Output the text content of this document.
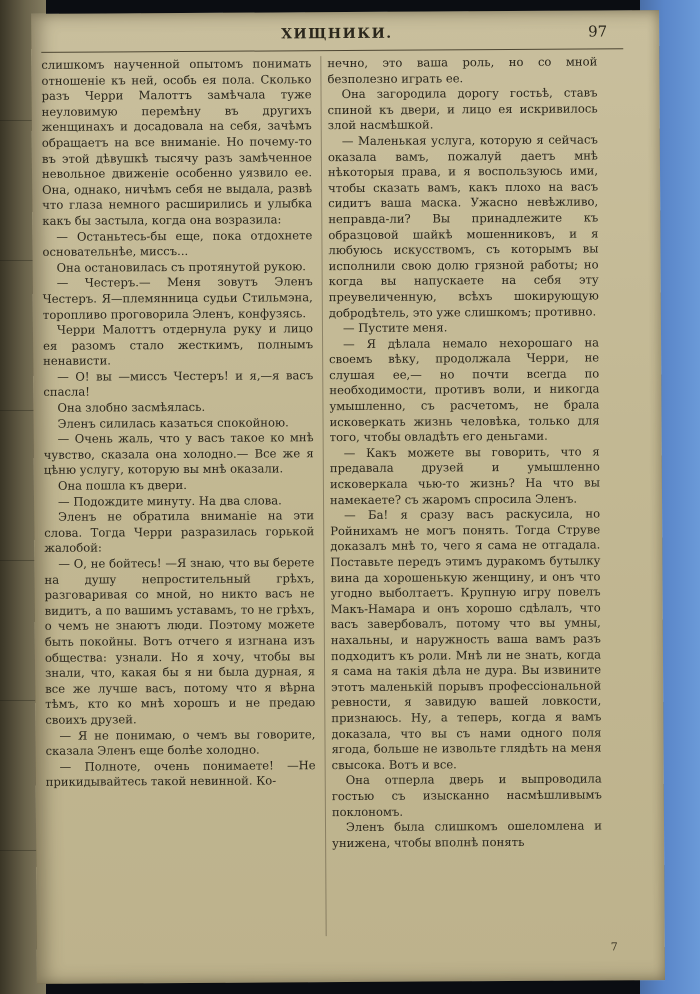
ХИЩНИКИ.	97

слишкомъ наученной опытомъ понимать отношеніе къ ней, особь ея пола. Сколько разъ Черри Малоттъ замѣчала туже неуловимую перемѣну въ другихъ женщинахъ и досадовала на себя, зачѣмъ обращаетъ на все вниманіе. Но почему-то въ этой дѣвушкѣ тысячу разъ замѣченное невольное движеніе особенно уязвило ее. Она, однако, ничѣмъ себя не выдала, развѣ что глаза немного расширились и улыбка какъ бы застыла, когда она возразила:

— Останьтесь-бы еще, пока отдохнете основательнѣе, миссъ...

Она остановилась съ протянутой рукою.

— Честеръ.— Меня зовутъ Эленъ Честеръ. Я—племянница судьи Стильмэна, торопливо проговорила Эленъ, конфузясь.

Черри Малоттъ отдернула руку и лицо ея разомъ стало жесткимъ, полнымъ ненависти.

— О! вы —миссъ Честеръ! и я,—я васъ спасла!

Она злобно засмѣялась.

Эленъ силилась казаться спокойною.

— Очень жаль, что у васъ такое ко мнѣ чувство, сказала она холодно.— Все же я цѣню услугу, которую вы мнѣ оказали.

Она пошла къ двери.

— Подождите минуту. На два слова.

Эленъ не обратила вниманіе на эти слова. Тогда Черри разразилась горькой жалобой:

— О, не бойтесь! —Я знаю, что вы берете на душу непростительный грѣхъ, разговаривая со мной, но никто васъ не видитъ, а по вашимъ уставамъ, то не грѣхъ, о чемъ не знаютъ люди. Поэтому можете быть покойны. Вотъ отчего я изгнана изъ общества: узнали. Но я хочу, чтобы вы знали, что, какая бы я ни была дурная, я все же лучше васъ, потому что я вѣрна тѣмъ, кто ко мнѣ хорошъ и не предаю своихъ друзей.

— Я не понимаю, о чемъ вы говорите, сказала Эленъ еще болѣе холодно.

— Полноте, очень понимаете! —Не прикидывайтесь такой невинной. Ко-

нечно, это ваша роль, но со мной безполезно играть ее.

Она загородила дорогу гостьѣ, ставъ спиной къ двери, и лицо ея искривилось злой насмѣшкой.

— Маленькая услуга, которую я сейчасъ оказала вамъ, пожалуй даетъ мнѣ нѣкоторыя права, и я воспользуюсь ими, чтобы сказать вамъ, какъ плохо на васъ сидитъ ваша маска. Ужасно невѣжливо, неправда-ли? Вы принадлежите къ образцовой шайкѣ мошенниковъ, и я любуюсь искусствомъ, съ которымъ вы исполнили свою долю грязной работы; но когда вы напускаете на себя эту преувеличенную, всѣхъ шокирующую добродѣтель, это уже слишкомъ; противно.

— Пустите меня.

— Я дѣлала немало нехорошаго на своемъ вѣку, продолжала Черри, не слушая ее,— но почти всегда по необходимости, противъ воли, и никогда умышленно, съ расчетомъ, не брала исковеркать жизнь человѣка, только для того, чтобы овладѣть его деньгами.

— Какъ можете вы говорить, что я предавала друзей и умышленно исковеркала чью-то жизнь? На что вы намекаете? съ жаромъ спросила Эленъ.

— Ба! я сразу васъ раскусила, но Ройнихамъ не могъ понять. Тогда Струве доказалъ мнѣ то, чего я сама не отгадала. Поставьте передъ этимъ дуракомъ бутылку вина да хорошенькую женщину, и онъ что угодно выболтаетъ. Крупную игру повелъ Макъ-Намара и онъ хорошо сдѣлалъ, что васъ завербовалъ, потому что вы умны, нахальны, и наружность ваша вамъ разъ подходитъ къ роли. Мнѣ ли не знать, когда я сама на такія дѣла не дура. Вы извините этотъ маленькій порывъ профессіональной ревности, я завидую вашей ловкости, признаюсь. Ну, а теперь, когда я вамъ доказала, что вы съ нами одного поля ягода, больше не извольте глядѣть на меня свысока. Вотъ и все.

Она отперла дверь и выпроводила гостью съ изысканно насмѣшливымъ поклономъ.

Эленъ была слишкомъ ошеломлена и унижена, чтобы вполнѣ понять

7
